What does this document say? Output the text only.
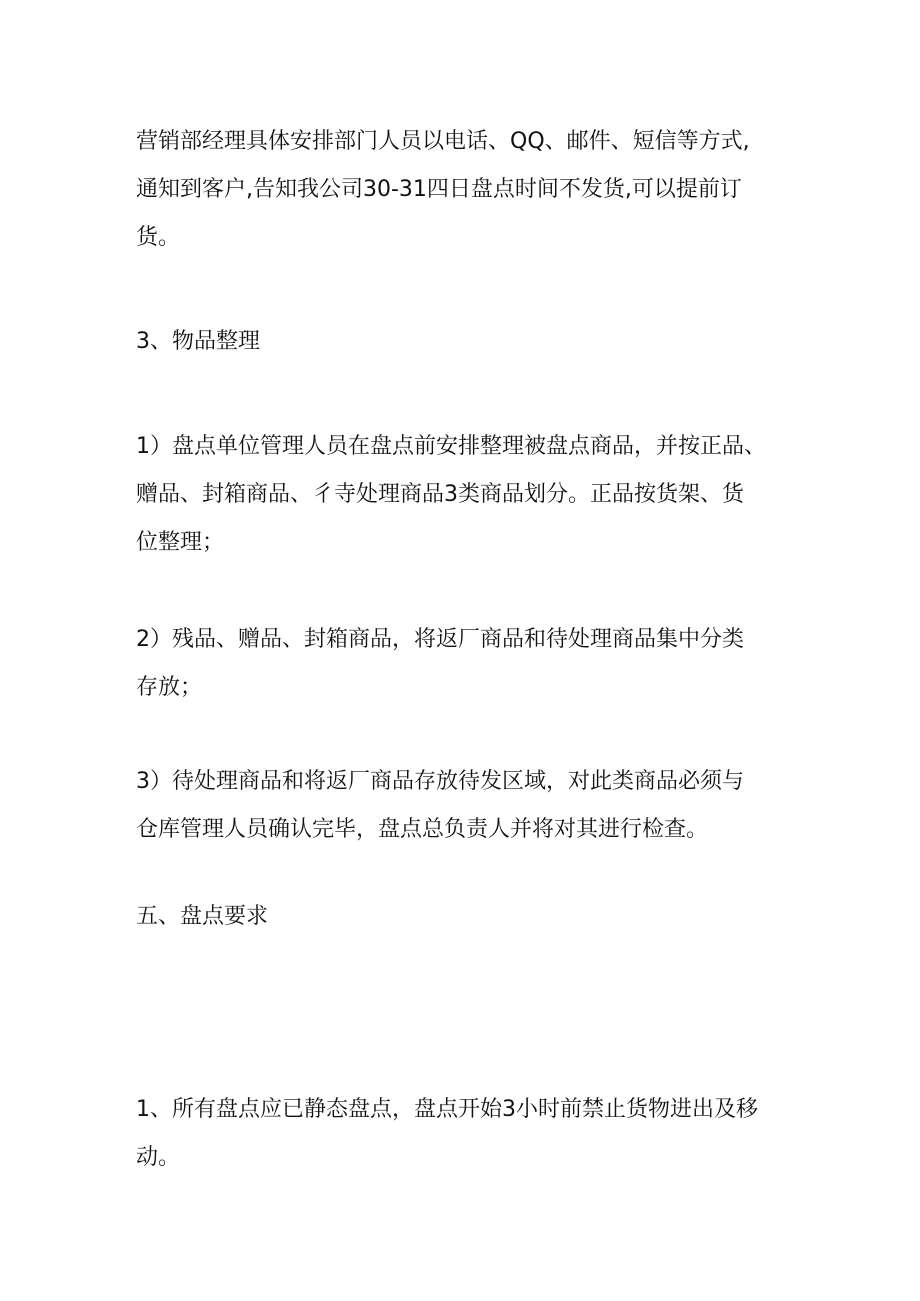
营销部经理具体安排部门人员以电话、QQ、邮件、短信等方式,
通知到客户,告知我公司30-31四日盘点时间不发货,可以提前订
货。
3、物品整理
1）盘点单位管理人员在盘点前安排整理被盘点商品，并按正品、
赠品、封箱商品、彳寺处理商品3类商品划分。正品按货架、货
位整理；
2）残品、赠品、封箱商品，将返厂商品和待处理商品集中分类
存放；
3）待处理商品和将返厂商品存放待发区域，对此类商品必须与
仓库管理人员确认完毕，盘点总负责人并将对其进行检查。
五、盘点要求
1、所有盘点应已静态盘点，盘点开始3小时前禁止货物进出及移
动。
